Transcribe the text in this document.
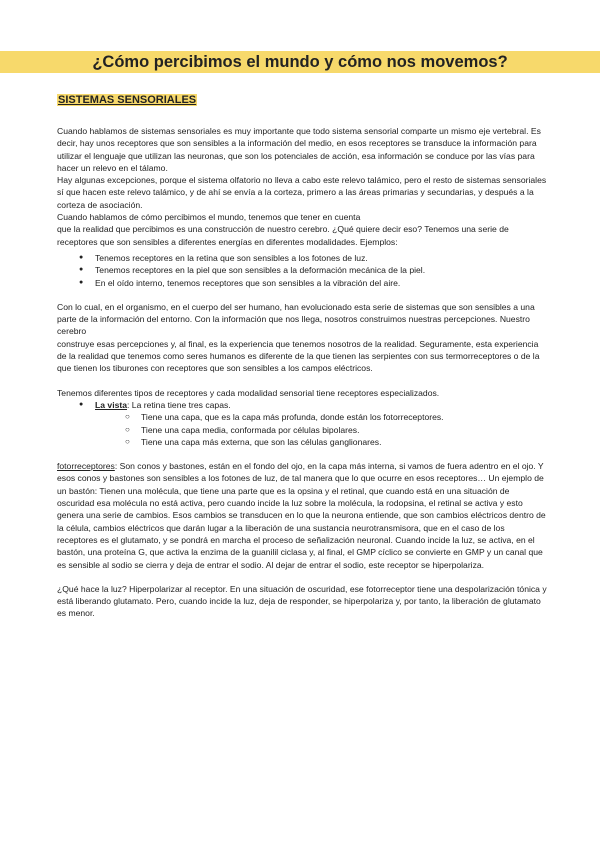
¿Cómo percibimos el mundo y cómo nos movemos?
SISTEMAS SENSORIALES

Cuando hablamos de sistemas sensoriales es muy importante que todo sistema sensorial comparte un mismo eje vertebral. Es decir, hay unos receptores que son sensibles a la información del medio, en esos receptores se transduce la información para utilizar el lenguaje que utilizan las neuronas, que son los potenciales de acción, esa información se conduce por las vías para hacer un relevo en el tálamo.

Hay algunas excepciones, porque el sistema olfatorio no lleva a cabo este relevo talámico, pero el resto de sistemas sensoriales sí que hacen este relevo talámico, y de ahí se envía a la corteza, primero a las áreas primarias y secundarias, y después a la corteza de asociación.

Cuando hablamos de cómo percibimos el mundo, tenemos que tener en cuenta

que la realidad que percibimos es una construcción de nuestro cerebro. ¿Qué quiere decir eso? Tenemos una serie de receptores que son sensibles a diferentes energías en diferentes modalidades. Ejemplos:

● Tenemos receptores en la retina que son sensibles a los fotones de luz.
● Tenemos receptores en la piel que son sensibles a la deformación mecánica de la piel.
● En el oído interno, tenemos receptores que son sensibles a la vibración del aire.

Con lo cual, en el organismo, en el cuerpo del ser humano, han evolucionado esta serie de sistemas que son sensibles a una parte de la información del entorno. Con la información que nos llega, nosotros construimos nuestras percepciones. Nuestro cerebro

construye esas percepciones y, al final, es la experiencia que tenemos nosotros de la realidad. Seguramente, esta experiencia de la realidad que tenemos como seres humanos es diferente de la que tienen las serpientes con sus termorreceptores o de la que tienen los tiburones con receptores que son sensibles a los campos eléctricos.

Tenemos diferentes tipos de receptores y cada modalidad sensorial tiene receptores especializados.

● La vista: La retina tiene tres capas.
○ Tiene una capa, que es la capa más profunda, donde están los fotorreceptores.
○ Tiene una capa media, conformada por células bipolares.
○ Tiene una capa más externa, que son las células ganglionares.

fotorreceptores: Son conos y bastones, están en el fondo del ojo, en la capa más interna, si vamos de fuera adentro en el ojo. Y esos conos y bastones son sensibles a los fotones de luz, de tal manera que lo que ocurre en esos receptores… Un ejemplo de un bastón: Tienen una molécula, que tiene una parte que es la opsina y el retinal, que cuando está en una situación de oscuridad esa molécula no está activa, pero cuando incide la luz sobre la molécula, la rodopsina, el retinal se activa y esto genera una serie de cambios. Esos cambios se transducen en lo que la neurona entiende, que son cambios eléctricos dentro de la célula, cambios eléctricos que darán lugar a la liberación de una sustancia neurotransmisora, que en el caso de los receptores es el glutamato, y se pondrá en marcha el proceso de señalización neuronal. Cuando incide la luz, se activa, en el bastón, una proteína G, que activa la enzima de la guanilil ciclasa y, al final, el GMP cíclico se convierte en GMP y un canal que es sensible al sodio se cierra y deja de entrar el sodio. Al dejar de entrar el sodio, este receptor se hiperpolariza.

¿Qué hace la luz? Hiperpolarizar al receptor. En una situación de oscuridad, ese fotorreceptor tiene una despolarización tónica y está liberando glutamato. Pero, cuando incide la luz, deja de responder, se hiperpolariza y, por tanto, la liberación de glutamato es menor.
